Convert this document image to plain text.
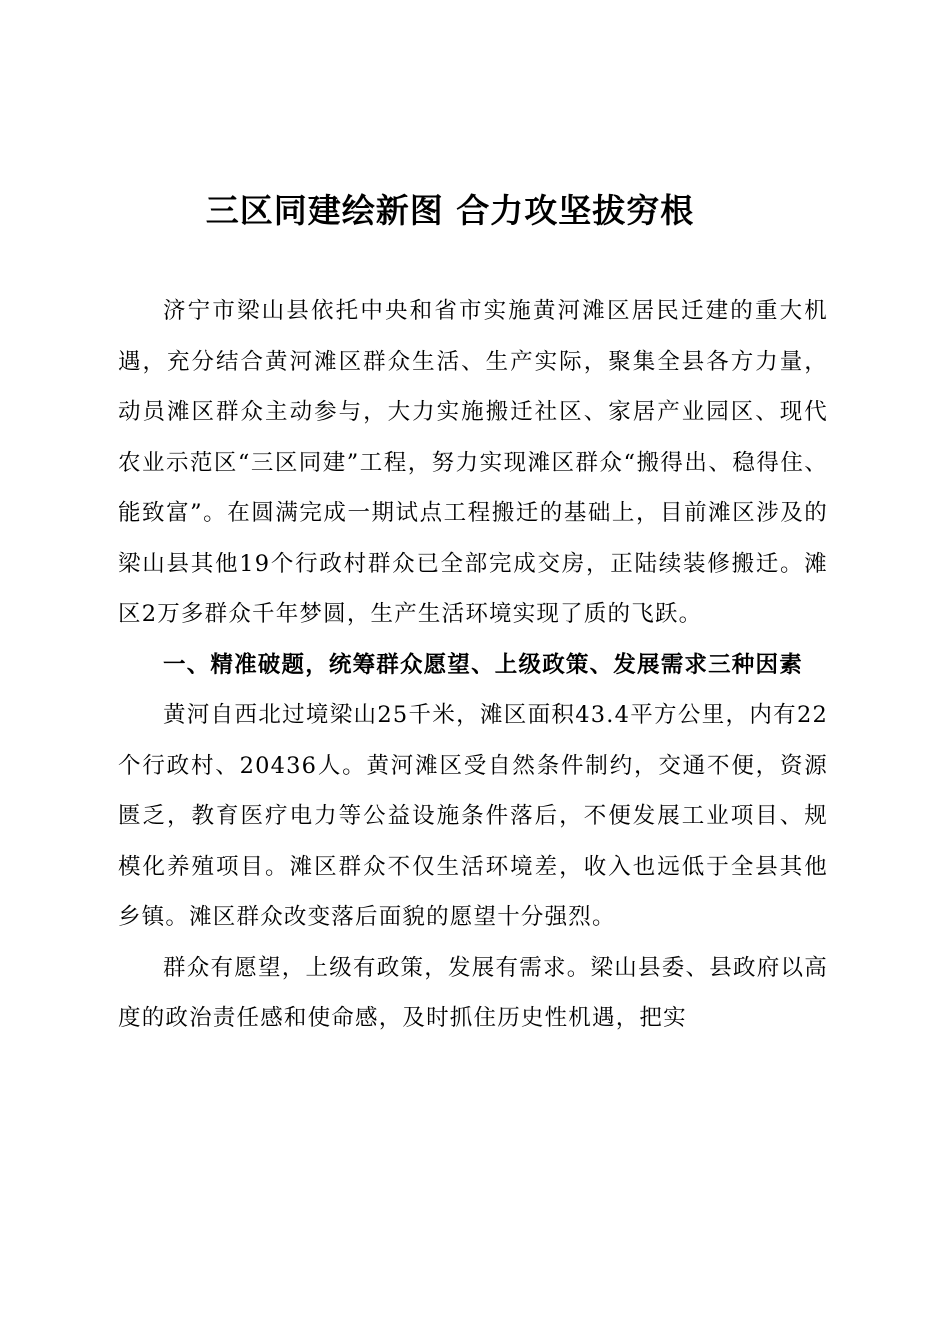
三区同建绘新图 合力攻坚拔穷根

济宁市梁山县依托中央和省市实施黄河滩区居民迁建的重大机遇，充分结合黄河滩区群众生活、生产实际，聚集全县各方力量，动员滩区群众主动参与，大力实施搬迁社区、家居产业园区、现代农业示范区“三区同建”工程，努力实现滩区群众“搬得出、稳得住、能致富”。在圆满完成一期试点工程搬迁的基础上，目前滩区涉及的梁山县其他19个行政村群众已全部完成交房，正陆续装修搬迁。滩区2万多群众千年梦圆，生产生活环境实现了质的飞跃。

一、精准破题，统筹群众愿望、上级政策、发展需求三种因素

黄河自西北过境梁山25千米，滩区面积43.4平方公里，内有22个行政村、20436人。黄河滩区受自然条件制约，交通不便，资源匮乏，教育医疗电力等公益设施条件落后，不便发展工业项目、规模化养殖项目。滩区群众不仅生活环境差，收入也远低于全县其他乡镇。滩区群众改变落后面貌的愿望十分强烈。

群众有愿望，上级有政策，发展有需求。梁山县委、县政府以高度的政治责任感和使命感，及时抓住历史性机遇，把实
